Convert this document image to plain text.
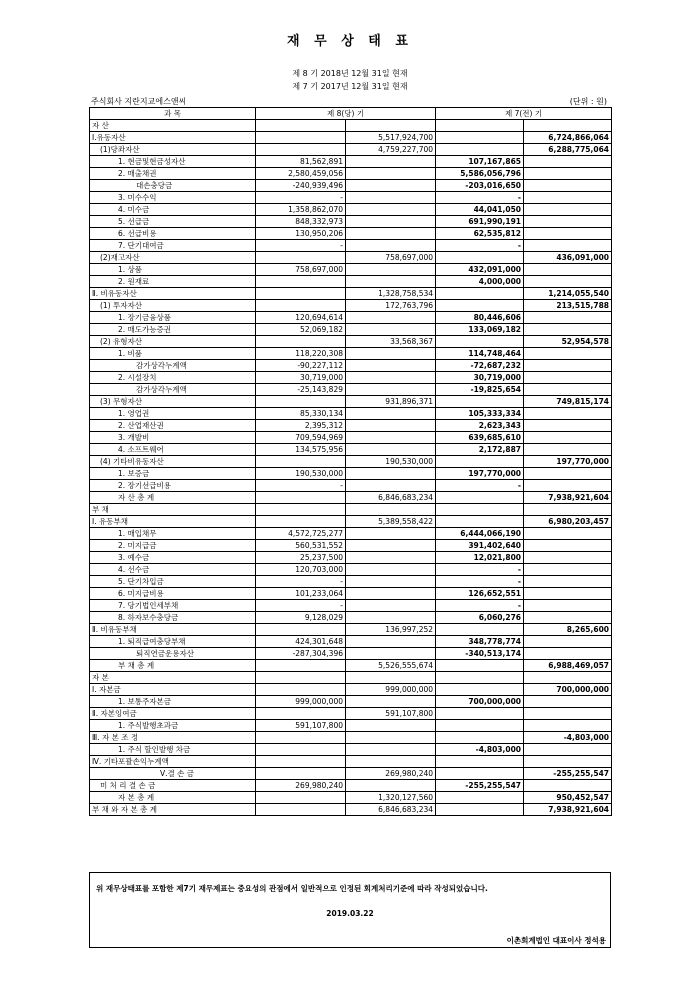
재 무 상 태 표
제 8 기 2018년 12월 31일 현재
제 7 기 2017년 12월 31일 현재
주식회사 지란지교에스앤씨	(단위 : 원)
과 목	제 8(당) 기		제 7(전) 기	
자 산				
Ⅰ.유동자산		5,517,924,700		6,724,866,064
(1)당좌자산		4,759,227,700		6,288,775,064
1. 현금및현금성자산	81,562,891		107,167,865	
2. 매출채권	2,580,459,056		5,586,056,796	
대손충당금	-240,939,496		-203,016,650	
3. 미수수익	-		-	
4. 미수금	1,358,862,070		44,041,050	
5. 선급금	848,332,973		691,990,191	
6. 선급비용	130,950,206		62,535,812	
7. 단기대여금	-		-	
(2)재고자산		758,697,000		436,091,000
1. 상품	758,697,000		432,091,000	
2. 원재료			4,000,000	
Ⅱ. 비유동자산		1,328,758,534		1,214,055,540
(1) 투자자산		172,763,796		213,515,788
1. 장기금융상품	120,694,614		80,446,606	
2. 매도가능증권	52,069,182		133,069,182	
(2) 유형자산		33,568,367		52,954,578
1. 비품	118,220,308		114,748,464	
감가상각누계액	-90,227,112		-72,687,232	
2. 시설장치	30,719,000		30,719,000	
감가상각누계액	-25,143,829		-19,825,654	
(3) 무형자산		931,896,371		749,815,174
1. 영업권	85,330,134		105,333,334	
2. 산업재산권	2,395,312		2,623,343	
3. 개발비	709,594,969		639,685,610	
4. 소프트웨어	134,575,956		2,172,887	
(4) 기타비유동자산		190,530,000		197,770,000
1. 보증금	190,530,000		197,770,000	
2. 장기선급비용	-		-	
자 산 총 계		6,846,683,234		7,938,921,604
부 채				
Ⅰ. 유동부채		5,389,558,422		6,980,203,457
1. 매입채무	4,572,725,277		6,444,066,190	
2. 미지급금	560,531,552		391,402,640	
3. 예수금	25,237,500		12,021,800	
4. 선수금	120,703,000		-	
5. 단기차입금	-		-	
6. 미지급비용	101,233,064		126,652,551	
7. 당기법인세부채	-		-	
8. 하자보수충당금	9,128,029		6,060,276	
Ⅱ. 비유동부채		136,997,252		8,265,600
1. 퇴직급여충당부채	424,301,648		348,778,774	
퇴직연금운용자산	-287,304,396		-340,513,174	
부 채 총 계		5,526,555,674		6,988,469,057
자 본				
Ⅰ. 자본금		999,000,000		700,000,000
1. 보통주자본금	999,000,000		700,000,000	
Ⅱ. 자본잉여금		591,107,800		
1. 주식발행초과금	591,107,800			
Ⅲ. 자 본 조 정				-4,803,000
1. 주식 할인발행 차금			-4,803,000	
Ⅳ. 기타포괄손익누계액				
Ⅴ.결 손 금		269,980,240		-255,255,547
미 처 리 결 손 금	269,980,240		-255,255,547	
자 본 총 계		1,320,127,560		950,452,547
부 채 와 자 본 총 계		6,846,683,234		7,938,921,604
위 재무상태표를 포함한 제7기 재무제표는 중요성의 관점에서 일반적으로 인정된 회계처리기준에 따라 작성되었습니다.
2019.03.22
이촌회계법인 대표이사 정석용
